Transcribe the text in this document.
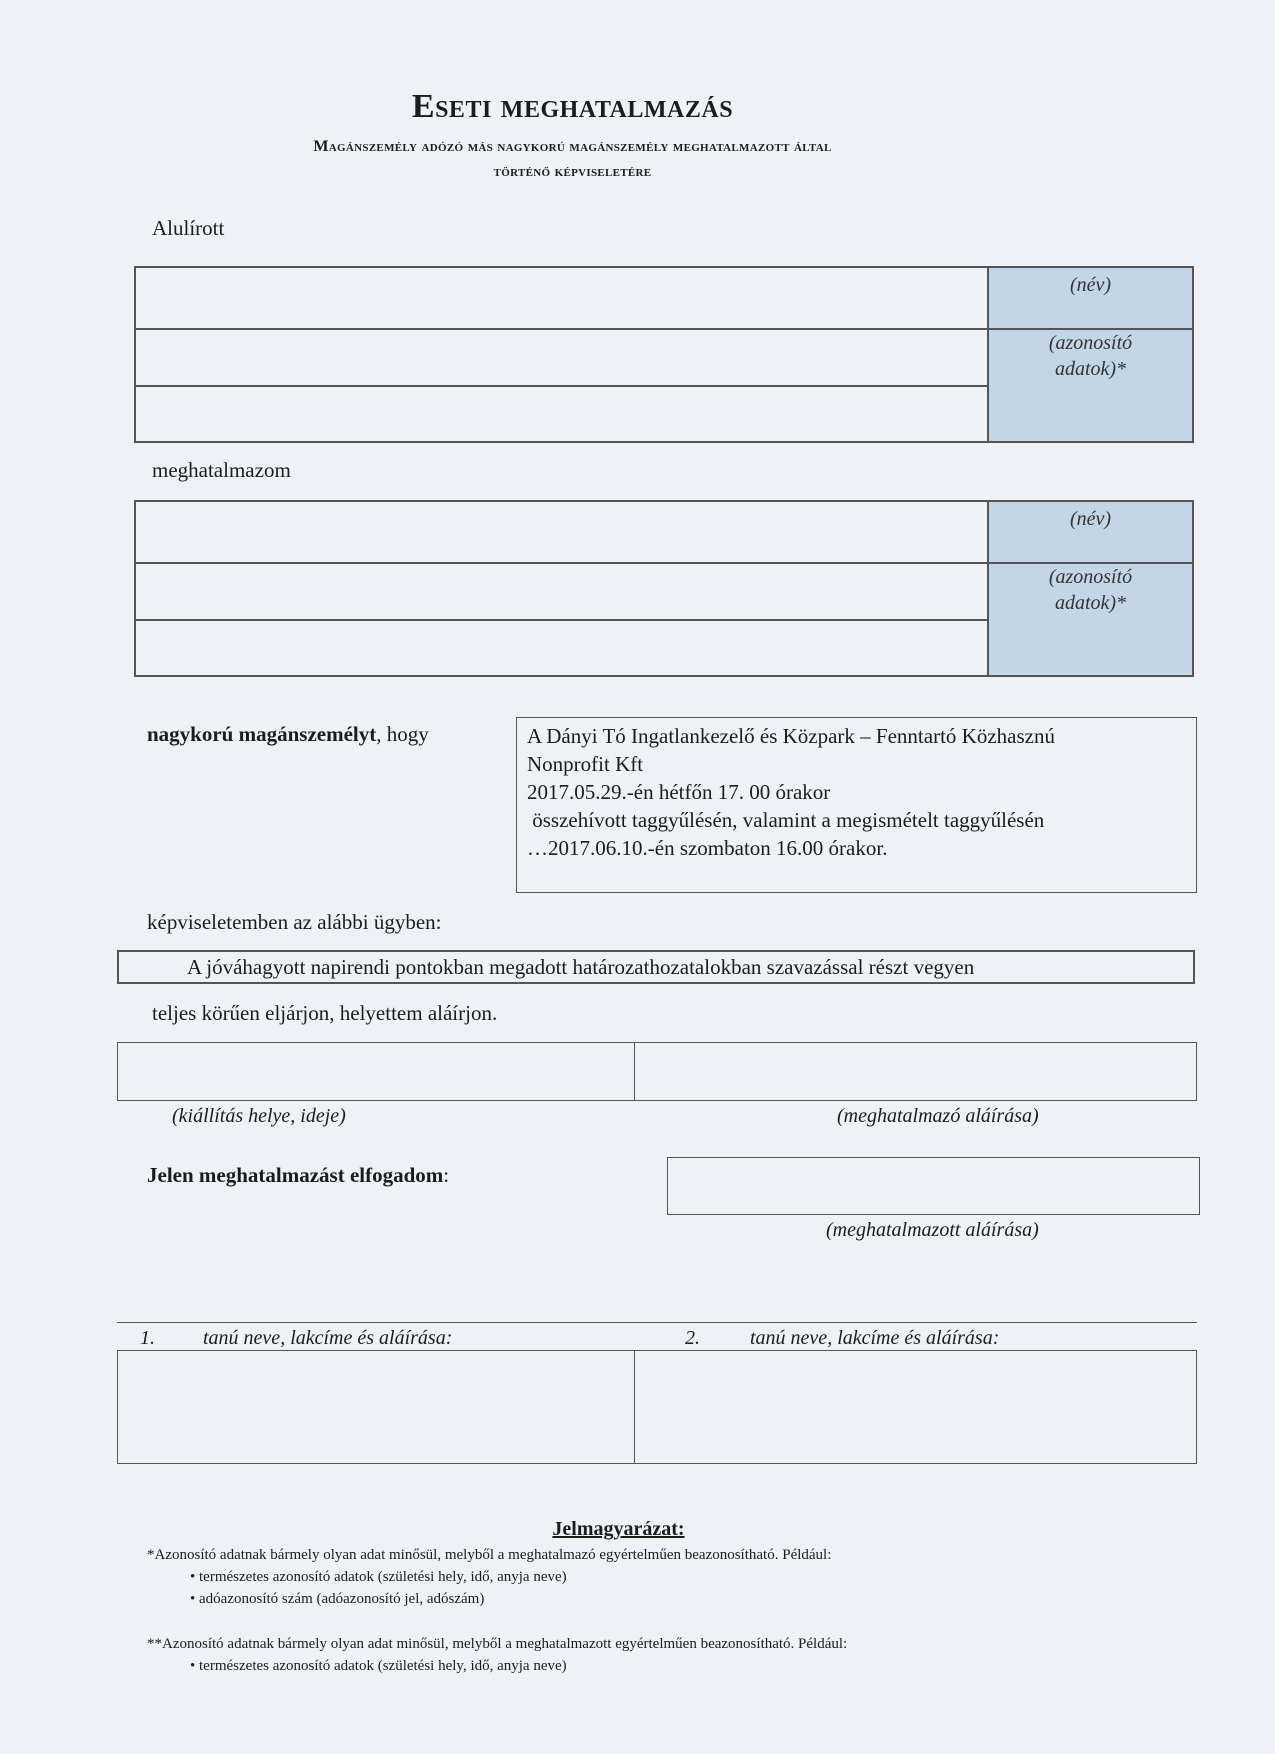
Eseti meghatalmazás
Magánszemély adózó más nagykorú magánszemély meghatalmazott által
történő képviseletére
Alulírott
(név)
(azonosító
adatok)*
meghatalmazom
(név)
(azonosító
adatok)*
nagykorú magánszemélyt, hogy	A Dányi Tó Ingatlankezelő és Közpark – Fenntartó Közhasznú
Nonprofit Kft
2017.05.29.-én hétfőn 17. 00 órakor
összehívott taggyűlésén, valamint a megismételt taggyűlésén
…2017.06.10.-én szombaton 16.00 órakor.
képviseletemben az alábbi ügyben:
A jóváhagyott napirendi pontokban megadott határozathozatalokban szavazással részt vegyen
teljes körűen eljárjon, helyettem aláírjon.
(kiállítás helye, ideje)	(meghatalmazó aláírása)
Jelen meghatalmazást elfogadom:
(meghatalmazott aláírása)
1. tanú neve, lakcíme és aláírása:	2.	tanú neve, lakcíme és aláírása:
Jelmagyarázat:
*Azonosító adatnak bármely olyan adat minősül, melyből a meghatalmazó egyértelműen beazonosítható. Például:
• természetes azonosító adatok (születési hely, idő, anyja neve)
• adóazonosító szám (adóazonosító jel, adószám)
**Azonosító adatnak bármely olyan adat minősül, melyből a meghatalmazott egyértelműen beazonosítható. Például:
• természetes azonosító adatok (születési hely, idő, anyja neve)
